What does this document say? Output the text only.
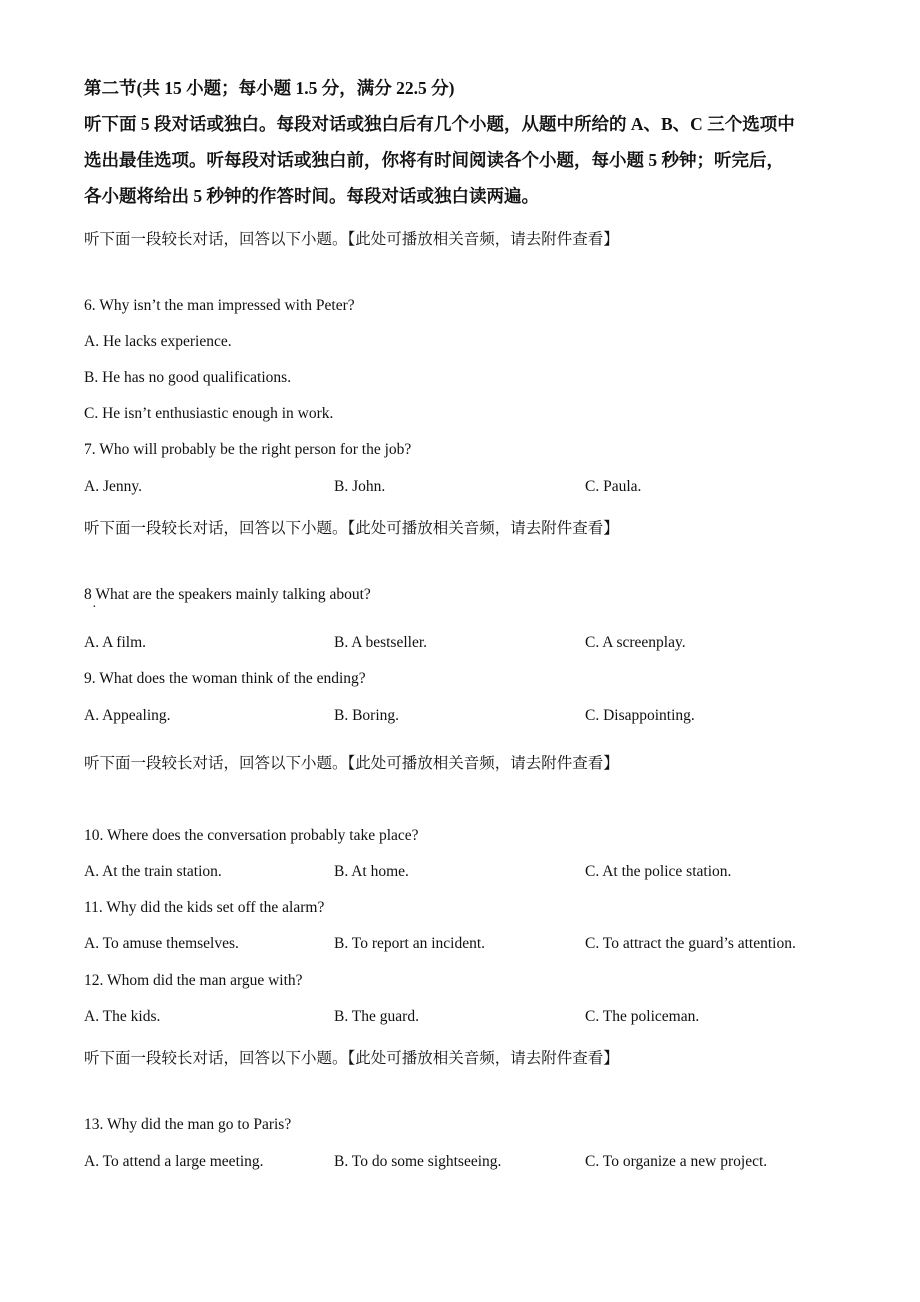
第二节(共 15 小题；每小题 1.5 分，满分 22.5 分)

听下面 5 段对话或独白。每段对话或独白后有几个小题，从题中所给的 A、B、C 三个选项中

选出最佳选项。听每段对话或独白前，你将有时间阅读各个小题，每小题 5 秒钟；听完后，

各小题将给出 5 秒钟的作答时间。每段对话或独白读两遍。

听下面一段较长对话，回答以下小题。【此处可播放相关音频，请去附件查看】
6. Why isn’t the man impressed with Peter?
A. He lacks experience.
B. He has no good qualifications.
C. He isn’t enthusiastic enough in work.
7. Who will probably be the right person for the job?
A. Jenny.	B. John.	C. Paula.
听下面一段较长对话，回答以下小题。【此处可播放相关音频，请去附件查看】
8 What are the speakers mainly talking about?
·
A. A film.	B. A bestseller.	C. A screenplay.
9. What does the woman think of the ending?
A. Appealing.	B. Boring.	C. Disappointing.
听下面一段较长对话，回答以下小题。【此处可播放相关音频，请去附件查看】
10. Where does the conversation probably take place?
A. At the train station.	B. At home.	C. At the police station.
11. Why did the kids set off the alarm?
A. To amuse themselves.	B. To report an incident.	C. To attract the guard’s attention.
12. Whom did the man argue with?
A. The kids.	B. The guard.	C. The policeman.
听下面一段较长对话，回答以下小题。【此处可播放相关音频，请去附件查看】
13. Why did the man go to Paris?
A. To attend a large meeting.	B. To do some sightseeing.	C. To organize a new project.
